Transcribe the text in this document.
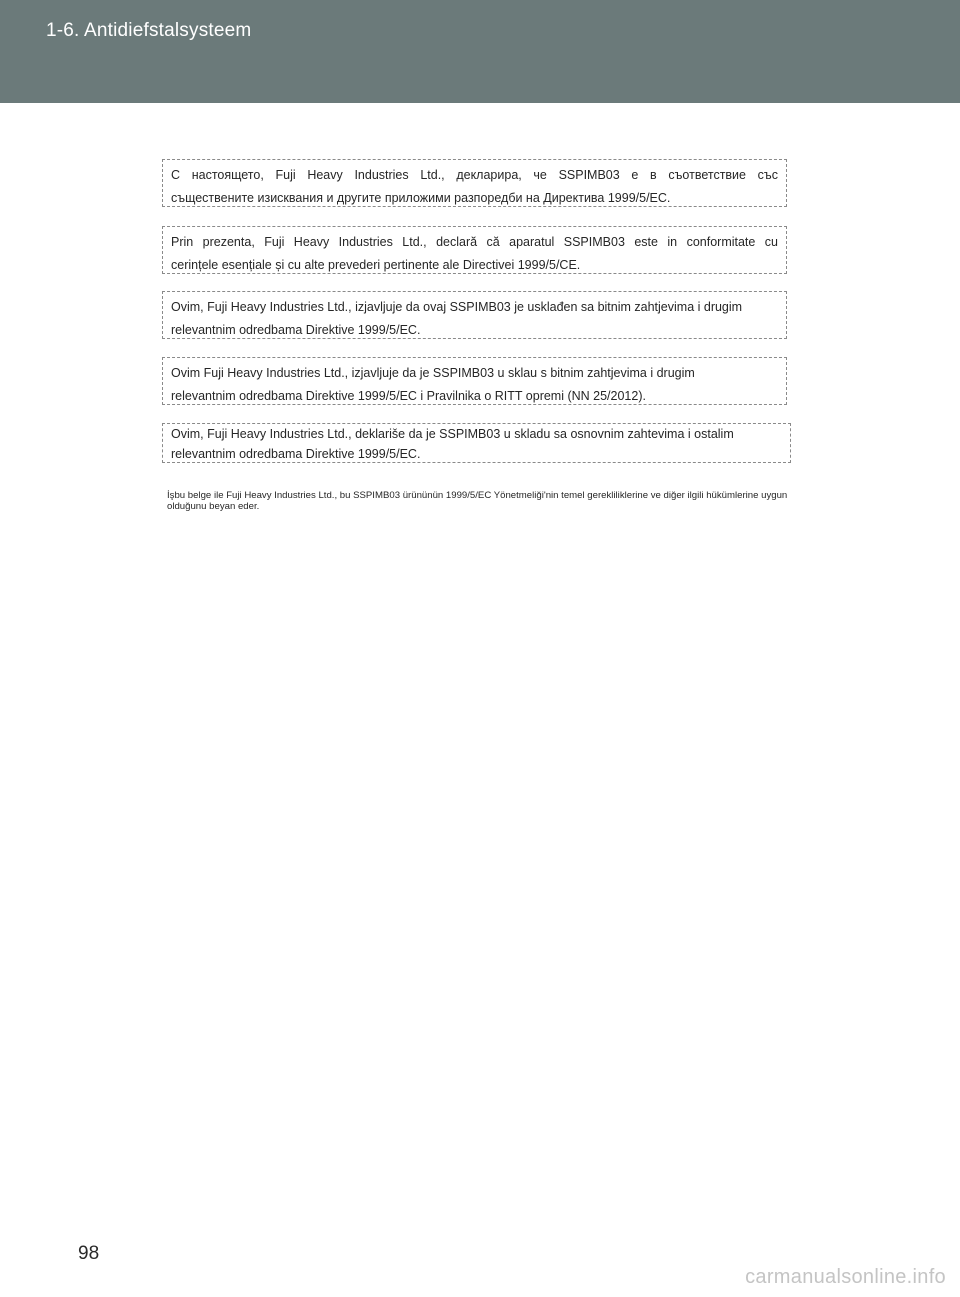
1-6. Antidiefstalsysteem
С настоящето, Fuji Heavy Industries Ltd., декларира, че SSPIMB03 е в съответствие със
съществените изисквания и другите приложими разпоредби на Директива 1999/5/ЕС.
Prin prezenta, Fuji Heavy Industries Ltd., declară că aparatul SSPIMB03 este in conformitate cu
cerințele esențiale și cu alte prevederi pertinente ale Directivei 1999/5/CE.
Ovim, Fuji Heavy Industries Ltd., izjavljuje da ovaj SSPIMB03 je usklađen sa bitnim zahtjevima i drugim
relevantnim odredbama Direktive 1999/5/EC.
Ovim Fuji Heavy Industries Ltd., izjavljuje da je SSPIMB03 u sklau s bitnim zahtjevima i drugim
relevantnim odredbama Direktive 1999/5/EC i Pravilnika o RITT opremi (NN 25/2012).
Ovim, Fuji Heavy Industries Ltd., deklariše da je SSPIMB03 u skladu sa osnovnim zahtevima i ostalim
relevantnim odredbama Direktive 1999/5/EC.
İşbu belge ile Fuji Heavy Industries Ltd., bu SSPIMB03 ürününün 1999/5/EC Yönetmeliği'nin temel gerekliliklerine ve diğer ilgili hükümlerine uygun olduğunu beyan eder.
98
carmanualsonline.info
